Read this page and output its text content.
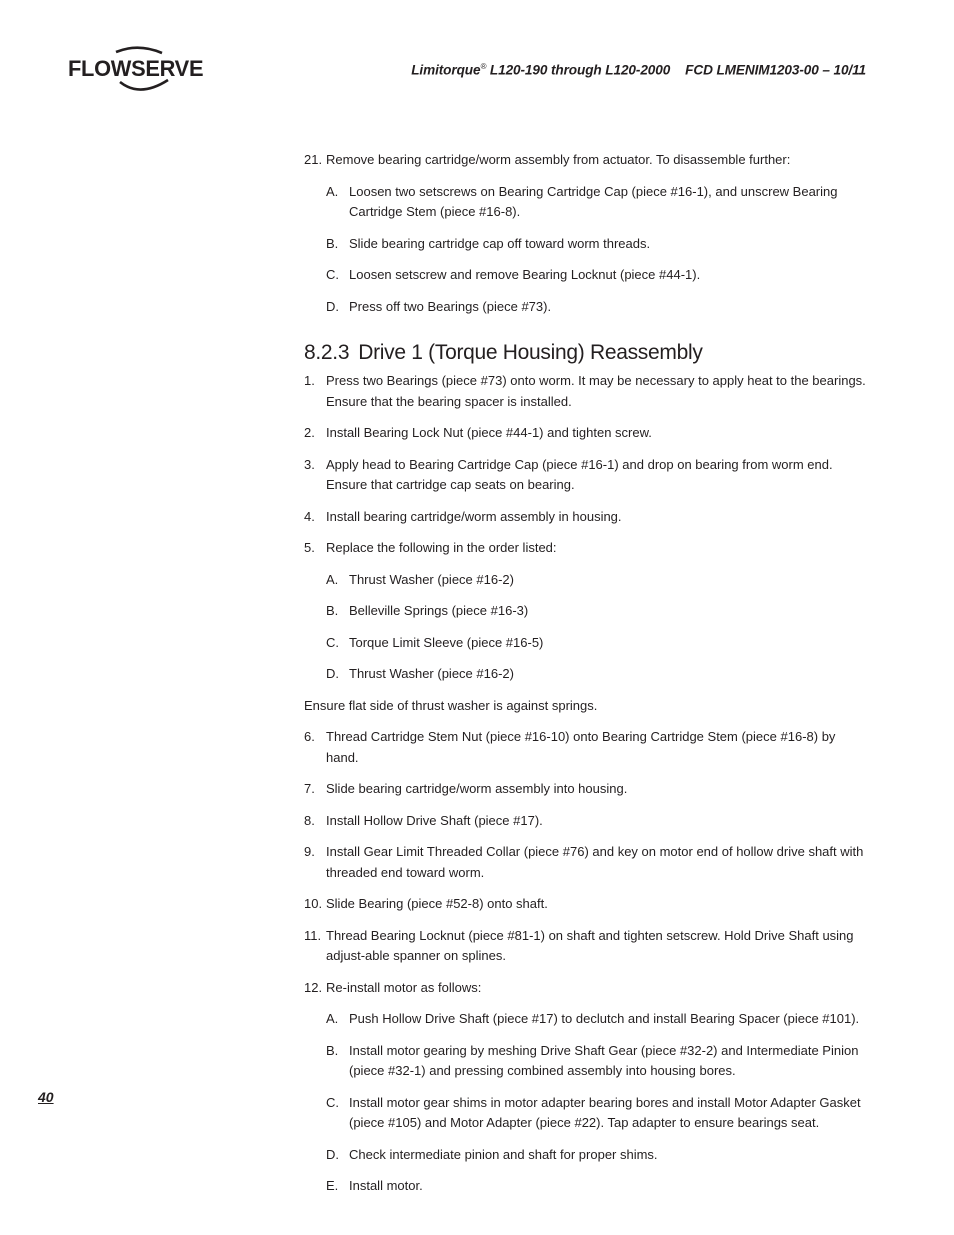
FLOWSERVE	Limitorque® L120-190 through L120-2000 FCD LMENIM1203-00 – 10/11
21. Remove bearing cartridge/worm assembly from actuator. To disassemble further:
A. Loosen two setscrews on Bearing Cartridge Cap (piece #16-1), and unscrew Bearing Cartridge Stem (piece #16-8).
B. Slide bearing cartridge cap off toward worm threads.
C. Loosen setscrew and remove Bearing Locknut (piece #44-1).
D. Press off two Bearings (piece #73).
8.2.3 Drive 1 (Torque Housing) Reassembly
1. Press two Bearings (piece #73) onto worm. It may be necessary to apply heat to the bearings. Ensure that the bearing spacer is installed.
2. Install Bearing Lock Nut (piece #44-1) and tighten screw.
3. Apply head to Bearing Cartridge Cap (piece #16-1) and drop on bearing from worm end. Ensure that cartridge cap seats on bearing.
4. Install bearing cartridge/worm assembly in housing.
5. Replace the following in the order listed:
A. Thrust Washer (piece #16-2)
B. Belleville Springs (piece #16-3)
C. Torque Limit Sleeve (piece #16-5)
D. Thrust Washer (piece #16-2)
Ensure flat side of thrust washer is against springs.
6. Thread Cartridge Stem Nut (piece #16-10) onto Bearing Cartridge Stem (piece #16-8) by hand.
7. Slide bearing cartridge/worm assembly into housing.
8. Install Hollow Drive Shaft (piece #17).
9. Install Gear Limit Threaded Collar (piece #76) and key on motor end of hollow drive shaft with threaded end toward worm.
10. Slide Bearing (piece #52-8) onto shaft.
11. Thread Bearing Locknut (piece #81-1) on shaft and tighten setscrew. Hold Drive Shaft using adjust-able spanner on splines.
12. Re-install motor as follows:
A. Push Hollow Drive Shaft (piece #17) to declutch and install Bearing Spacer (piece #101).
B. Install motor gearing by meshing Drive Shaft Gear (piece #32-2) and Intermediate Pinion (piece #32-1) and pressing combined assembly into housing bores.
C. Install motor gear shims in motor adapter bearing bores and install Motor Adapter Gasket (piece #105) and Motor Adapter (piece #22). Tap adapter to ensure bearings seat.
D. Check intermediate pinion and shaft for proper shims.
E. Install motor.
40
